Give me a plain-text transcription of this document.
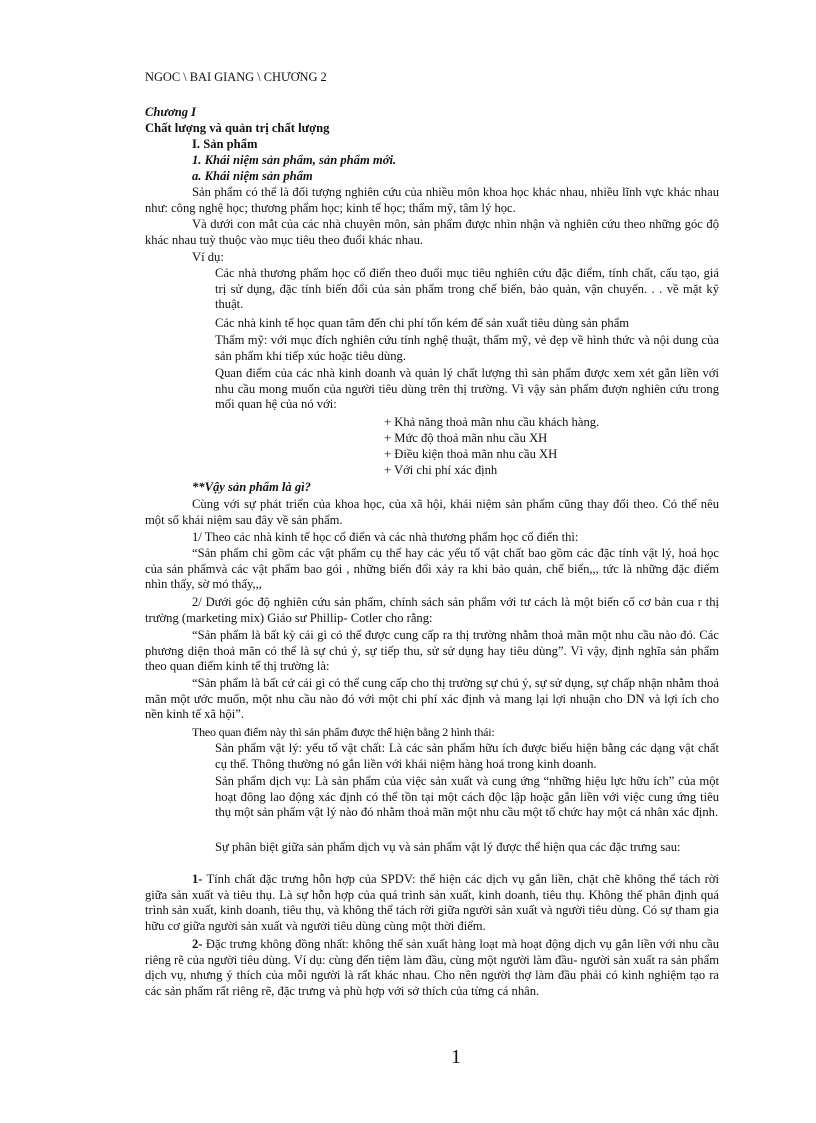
NGOC \ BAI GIANG \ CHƯƠNG 2
Chương I
Chất lượng và quản trị chất lượng
I. Sản phẩm
1. Khái niệm sản phẩm, sản phẩm mới.
a. Khái niệm sản phẩm
Sản phẩm có thể là đối tượng nghiên cứu của nhiều môn khoa học khác nhau, nhiều lĩnh vực khác nhau như: công nghệ học; thương phẩm học; kinh tế học; thẩm mỹ, tâm lý học.
Và dưới con mắt của các nhà chuyên môn, sản phẩm được nhìn nhận và nghiên cứu theo những góc độ khác nhau tuỳ thuộc vào mục tiêu theo đuổi khác nhau.
Ví dụ:
Các nhà thương phẩm học cổ điển theo đuổi mục tiêu nghiên cứu đặc điểm, tính chất, cấu tạo, giá trị sử dụng, đặc tính biến đổi của sản phẩm trong chế biến, bảo quản, vận chuyển. . . về mặt kỹ thuật.
Các nhà kinh tế học quan tâm đến chi phí tốn kém để sản xuất tiêu dùng sản phẩm
Thẩm mỹ: với mục đích nghiên cứu tính nghệ thuật, thẩm mỹ, vẻ đẹp về hình thức và nội dung của sản phẩm khi tiếp xúc hoặc tiêu dùng.
Quan điểm của các nhà kinh doanh và quản lý chất lượng thì sản phẩm được xem xét gắn liền với nhu cầu mong muốn của người tiêu dùng trên thị trường. Vì vậy sản phẩm đượn nghiên cứu trong mối quan hệ của nó với:
+ Khả năng thoả mãn nhu cầu khách hàng.
+ Mức độ thoả mãn nhu cầu XH
+ Điều kiện thoả mãn nhu cầu XH
+ Với chi phí xác định
**Vậy sản phẩm là gì?
Cùng với sự phát triển của khoa học, của xã hội, khái niệm sản phẩm cũng thay đổi theo. Có thể nêu một số khái niệm sau đây về sản phẩm.
1/ Theo các nhà kinh tế học cổ điển và các nhà thương phẩm học cổ điển thì:
“Sản phẩm chỉ gồm các vật phẩm cụ thể hay các yếu tố vật chất bao gồm các đặc tính vật lý, hoá học của sản phẩmvà các vật phẩm bao gói , những biến đổi xảy ra khi bảo quản, chế biến,,, tức là những đặc điểm nhìn thấy, sờ mó thấy,,,
2/ Dưới góc độ nghiên cứu sản phẩm, chính sách sản phẩm với tư cách là một biến cố cơ bản cua r thị trường (marketing mix) Giáo sư Phillip- Cotler cho rằng:
“Sản phẩm là bất kỳ cái gì có thể được cung cấp ra thị trường nhằm thoả mãn một nhu cầu nào đó. Các phương diện thoả mãn có thể là sự chú ý, sự tiếp thu, sử sử dụng hay tiêu dùng”. Vì vậy, định nghĩa sản phẩm theo quan điểm kinh tế thị trường là:
“Sản phẩm là bất cứ cái gì có thể cung cấp cho thị trường sự chú ý, sự sử dụng, sự chấp nhận nhằm thoả mãn một ước muốn, một nhu cầu nào đó với một chi phí xác định và mang lại lợi nhuận cho DN và lợi ích cho nền kinh tế xã hội”.
Theo quan điểm này thì sản phẩm được thể hiện bằng 2 hình thái:
Sản phẩm vật lý: yếu tố vật chất: Là các sản phẩm hữu ích được biểu hiện bằng các dạng vật chất cụ thể. Thông thường nó gắn liền với khái niệm hàng hoá trong kinh doanh.
Sản phẩm dịch vụ: Là sản phẩm của việc sản xuất và cung ứng “những hiệu lực hữu ích” của một hoạt đông lao động xác định có thể tồn tại một cách độc lập hoặc gắn liền với việc cung ứng tiêu thụ một sản phẩm vật lý nào đó nhằm thoả mãn một nhu cầu một tổ chức hay một cá nhân xác định.
Sự phân biệt giữa sản phẩm dịch vụ và sản phẩm vật lý được thể hiện qua các đặc trưng sau:
1- Tính chất đặc trưng hỗn hợp của SPDV: thể hiện các dịch vụ gắn liền, chặt chẽ không thể tách rời giữa sản xuất và tiêu thụ. Là sự hỗn hợp của quá trình sản xuất, kinh doanh, tiêu thụ. Không thể phân định quá trình sản xuất, kinh doanh, tiêu thụ, và không thể tách rời giữa người sản xuất và người tiêu dùng. Có sự tham gia hữu cơ giữa người sản xuất và người tiêu dùng cùng một thời điểm.
2- Đặc trưng không đồng nhất: không thể sản xuất hàng loạt mà hoạt động dịch vụ gắn liền với nhu cầu riêng rẽ của người tiêu dùng. Ví dụ: cùng đến tiệm làm đầu, cùng một người làm đầu- người sản xuất ra sản phẩm dịch vụ, nhưng ý thích của mỗi người là rất khác nhau. Cho nên người thợ làm đầu phải có kinh nghiệm tạo ra các sản phẩm rất riêng rẽ, đặc trưng và phù hợp với sở thích của từng cá nhân.
1
